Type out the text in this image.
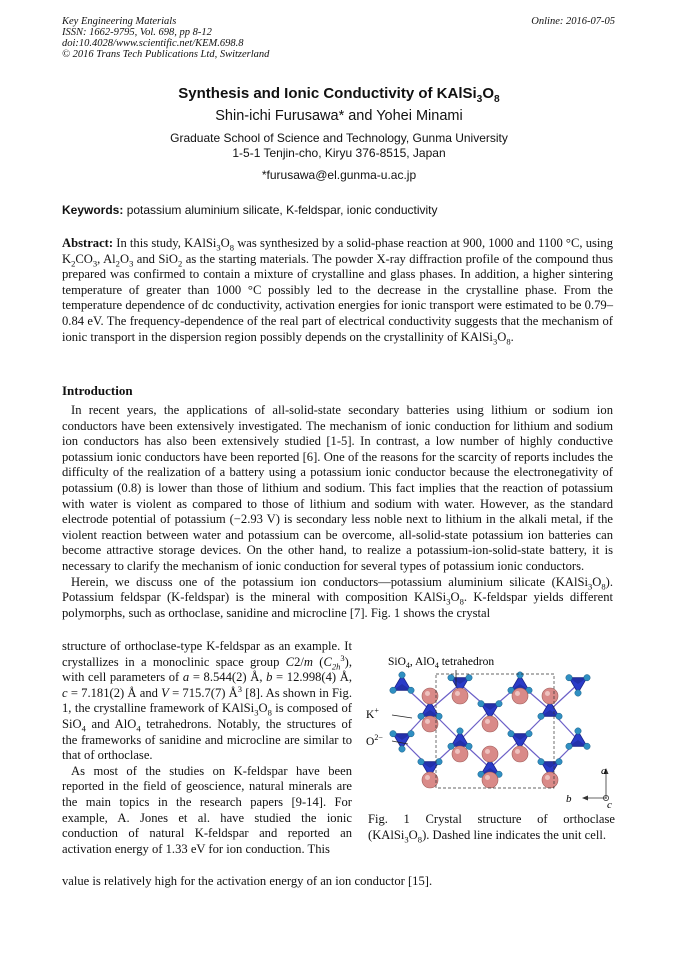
Key Engineering Materials
ISSN: 1662-9795, Vol. 698, pp 8-12
doi:10.4028/www.scientific.net/KEM.698.8
© 2016 Trans Tech Publications Ltd, Switzerland
Online: 2016-07-05
Synthesis and Ionic Conductivity of $KAlSi_3O_8$
Shin-ichi Furusawa* and Yohei Minami
Graduate School of Science and Technology, Gunma University
1-5-1 Tenjin-cho, Kiryu 376-8515, Japan
*furusawa@el.gunma-u.ac.jp
Keywords: potassium aluminium silicate, K-feldspar, ionic conductivity

Abstract: In this study, $KAlSi_3O_8$ was synthesized by a solid-phase reaction at 900, 1000 and 1100 °C, using $K_2CO_3$, $Al_2O_3$ and SiO$_2$ as the starting materials. The powder X-ray diffraction profile of the compound thus prepared was confirmed to contain a mixture of crystalline and glass phases. In addition, a higher sintering temperature of greater than 1000 °C possibly led to the decrease in the crystalline phase. From the temperature dependence of dc conductivity, activation energies for ionic transport were estimated to be 0.79–0.84 eV. The frequency-dependence of the real part of electrical conductivity suggests that the mechanism of ionic transport in the dispersion region possibly depends on the crystallinity of $KAlSi_3O_8$.

Introduction

In recent years, the applications of all-solid-state secondary batteries using lithium or sodium ion conductors have been extensively investigated. The mechanism of ionic conduction for lithium and sodium ion conductors has also been extensively studied [1-5]. In contrast, a low number of highly conductive potassium ionic conductors have been reported [6]. One of the reasons for the scarcity of reports includes the difficulty of the realization of a battery using a potassium ionic conductor because the electronegativity of potassium (0.8) is lower than those of lithium and sodium. This fact implies that the reaction of potassium with water is violent as compared to those of lithium and sodium with water. However, as the standard electrode potential of potassium (−2.93 V) is secondary less noble next to lithium in the alkali metal, if the violent reaction between water and potassium can be overcome, all-solid-state potassium ion batteries can become attractive storage devices. On the other hand, to realize a potassium-ion-solid-state battery, it is necessary to clarify the mechanism of ionic conduction for several types of potassium ionic conductors.

Herein, we discuss one of the potassium ion conductors—potassium aluminium silicate $(KAlSi_3O_8)$. Potassium feldspar (K-feldspar) is the mineral with composition $KAlSi_3O_8$. K-feldspar yields different polymorphs, such as orthoclase, sanidine and microcline [7]. Fig. 1 shows the crystal

structure of orthoclase-type K-feldspar as an example. It crystallizes in a monoclinic space group C2/m $(C_{2h}^3)$, with cell parameters of a = 8.544(2) Å, b = 12.998(4) Å, c = 7.181(2) Å and V = 715.7(7) $Å^3$ [8]. As shown in Fig. 1, the crystalline framework of $KAlSi_3O_8$ is composed of SiO$_4$ and AlO$_4$ tetrahedrons. Notably, the structures of the frameworks of sanidine and microcline are similar to that of orthoclase.

As most of the studies on K-feldspar have been reported in the field of geoscience, natural minerals are the main topics in the research papers [9-14]. For example, A. Jones et al. have studied the ionic conduction of natural K-feldspar and reported an activation energy of 1.33 eV for ion conduction. This

value is relatively high for the activation energy of an ion conductor [15].
SiO$_4$, AlO$_4$ tetrahedron
K+
$O^{2-}$
a
b	c
Fig. 1 Crystal structure of orthoclase $(KAlSi_3O_8)$. Dashed line indicates the unit cell.
